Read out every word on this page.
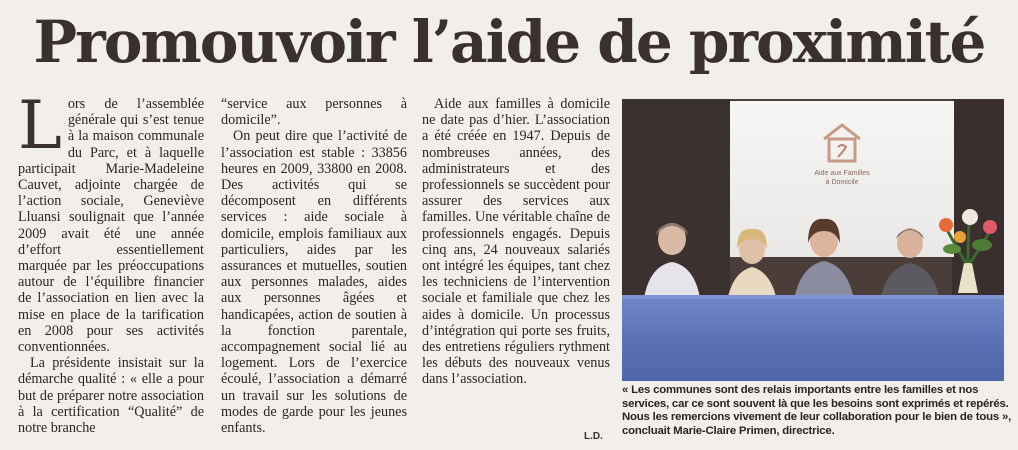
Promouvoir l’aide de proximité

Lors de l’assemblée générale qui s’est tenue à la maison communale du Parc, et à laquelle participait Marie-Madeleine Cauvet, adjointe chargée de l’action sociale, Geneviève Lluansi soulignait que l’année 2009 avait été une année d’effort essentiellement marquée par les préoccupations autour de l’équilibre financier de l’association en lien avec la mise en place de la tarification en 2008 pour ses activités conventionnées.

La présidente insistait sur la démarche qualité : « elle a pour but de préparer notre association à la certification “Qualité” de notre branche

“service aux personnes à domicile”.

On peut dire que l’activité de l’association est stable : 33856 heures en 2009, 33800 en 2008. Des activités qui se décomposent en différents services : aide sociale à domicile, emplois familiaux aux particuliers, aides par les assurances et mutuelles, soutien aux personnes malades, aides aux personnes âgées et handicapées, action de soutien à la fonction parentale, accompagnement social lié au logement. Lors de l’exercice écoulé, l’association a démarré un travail sur les solutions de modes de garde pour les jeunes enfants.

Aide aux familles à domicile ne date pas d’hier. L’association a été créée en 1947. Depuis de nombreuses années, des administrateurs et des professionnels se succèdent pour assurer des services aux familles. Une véritable chaîne de professionnels engagés. Depuis cinq ans, 24 nouveaux salariés ont intégré les équipes, tant chez les techniciens de l’intervention sociale et familiale que chez les aides à domicile. Un processus d’intégration qui porte ses fruits, des entretiens réguliers rythment les débuts des nouveaux venus dans l’association.

L.D.
Aide aux Familles
à Domicile
« Les communes sont des relais importants entre les familles et nos services, car ce sont souvent là que les besoins sont exprimés et repérés. Nous les remercions vivement de leur collaboration pour le bien de tous », concluait Marie-Claire Primen, directrice.
